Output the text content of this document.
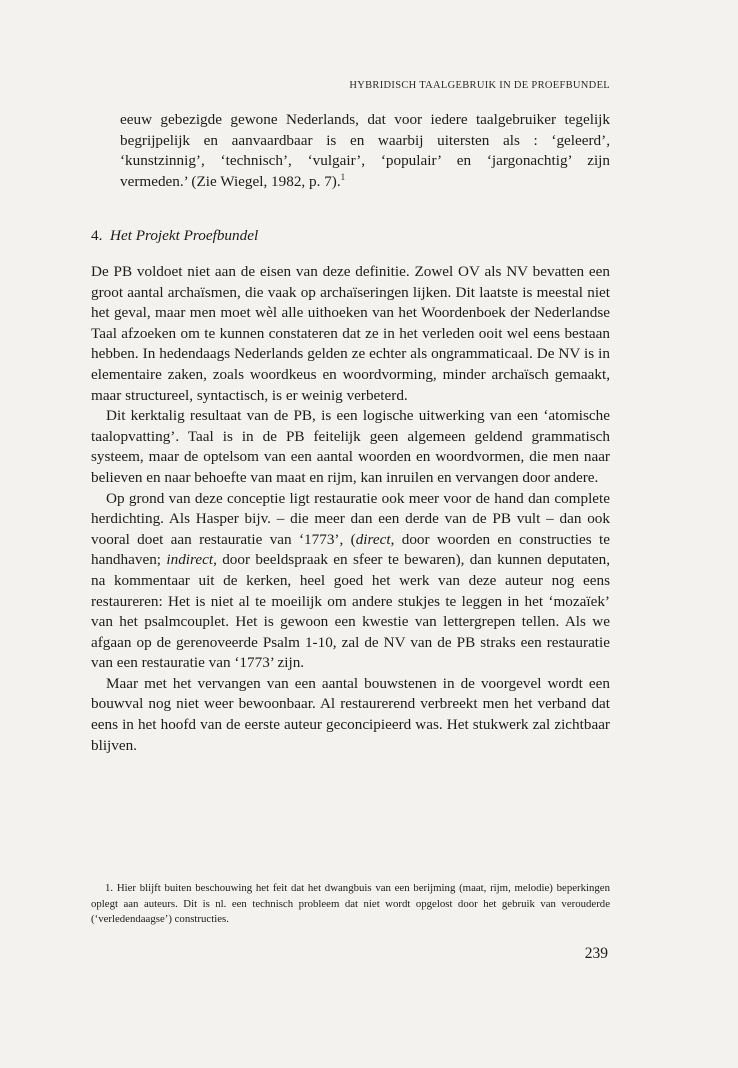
HYBRIDISCH TAALGEBRUIK IN DE PROEFBUNDEL
eeuw gebezigde gewone Nederlands, dat voor iedere taalgebruiker tegelijk begrijpelijk en aanvaardbaar is en waarbij uitersten als : ‘geleerd’, ‘kunstzinnig’, ‘technisch’, ‘vulgair’, ‘populair’ en ‘jargonachtig’ zijn vermeden.’ (Zie Wiegel, 1982, p. 7).$^1$
4. Het Projekt Proefbundel

De PB voldoet niet aan de eisen van deze definitie. Zowel OV als NV bevatten een groot aantal archaïsmen, die vaak op archaïseringen lijken. Dit laatste is meestal niet het geval, maar men moet wèl alle uithoeken van het Woordenboek der Nederlandse Taal afzoeken om te kunnen constateren dat ze in het verleden ooit wel eens bestaan hebben. In hedendaags Nederlands gelden ze echter als ongrammaticaal. De NV is in elementaire zaken, zoals woordkeus en woordvorming, minder archaïsch gemaakt, maar structureel, syntactisch, is er weinig verbeterd.

Dit kerktalig resultaat van de PB, is een logische uitwerking van een ‘atomische taalopvatting’. Taal is in de PB feitelijk geen algemeen geldend grammatisch systeem, maar de optelsom van een aantal woorden en woordvormen, die men naar believen en naar behoefte van maat en rijm, kan inruilen en vervangen door andere.

Op grond van deze conceptie ligt restauratie ook meer voor de hand dan complete herdichting. Als Hasper bijv. – die meer dan een derde van de PB vult – dan ook vooral doet aan restauratie van ‘1773’, (direct, door woorden en constructies te handhaven; indirect, door beeldspraak en sfeer te bewaren), dan kunnen deputaten, na kommentaar uit de kerken, heel goed het werk van deze auteur nog eens restaureren: Het is niet al te moeilijk om andere stukjes te leggen in het ‘mozaïek’ van het psalmcouplet. Het is gewoon een kwestie van lettergrepen tellen. Als we afgaan op de gerenoveerde Psalm 1-10, zal de NV van de PB straks een restauratie van een restauratie van ‘1773’ zijn.

Maar met het vervangen van een aantal bouwstenen in de voorgevel wordt een bouwval nog niet weer bewoonbaar. Al restaurerend verbreekt men het verband dat eens in het hoofd van de eerste auteur geconcipieerd was. Het stukwerk zal zichtbaar blijven.

1. Hier blijft buiten beschouwing het feit dat het dwangbuis van een berijming (maat, rijm, melodie) beperkingen oplegt aan auteurs. Dit is nl. een technisch probleem dat niet wordt opgelost door het gebruik van verouderde (‘verledendaagse’) constructies.
239
